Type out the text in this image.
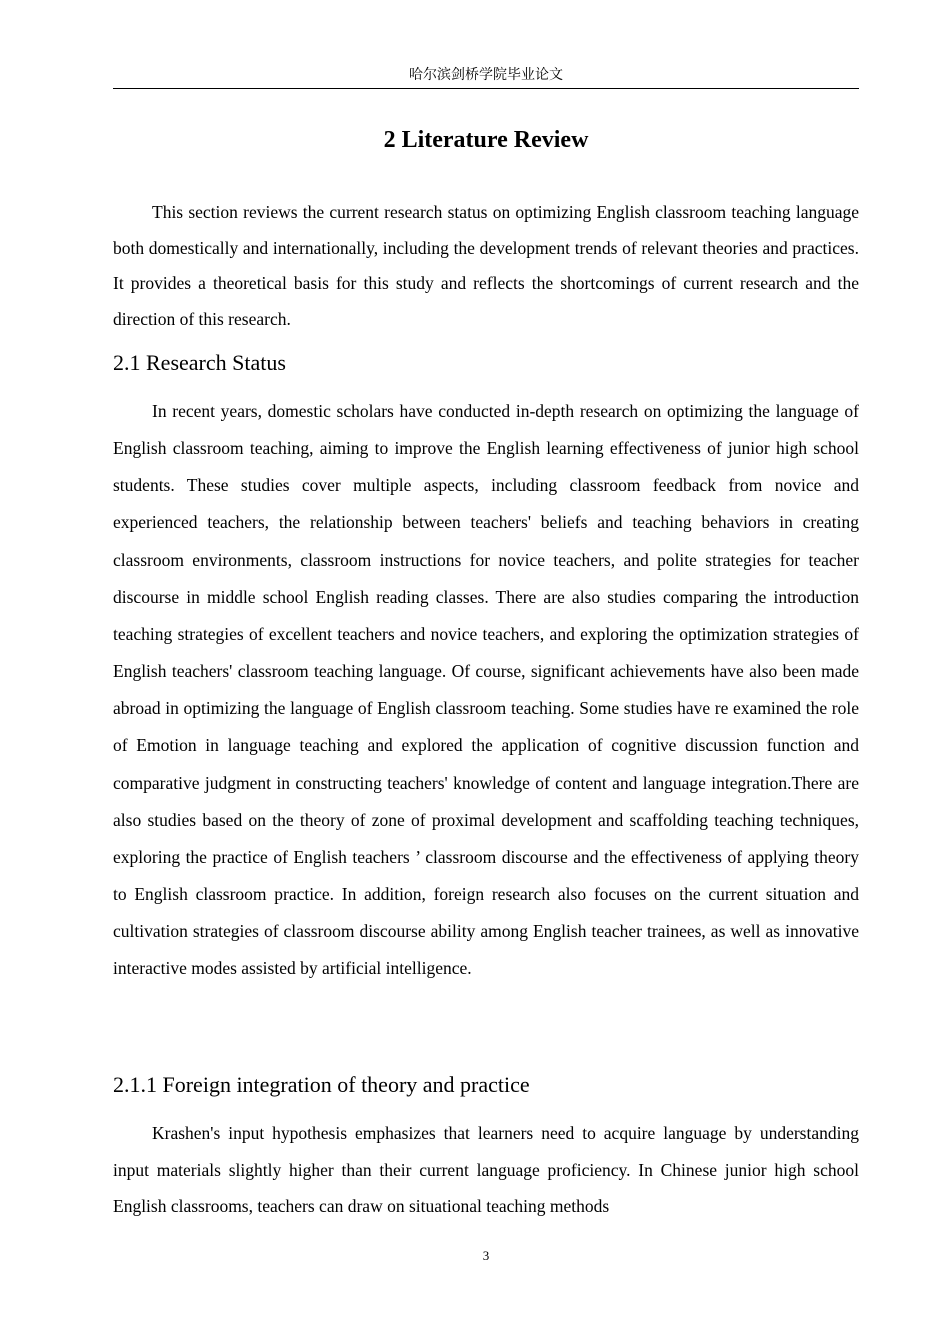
哈尔滨剑桥学院毕业论文
2 Literature Review

This section reviews the current research status on optimizing English classroom teaching language both domestically and internationally, including the development trends of relevant theories and practices. It provides a theoretical basis for this study and reflects the shortcomings of current research and the direction of this research.

2.1 Research Status

In recent years, domestic scholars have conducted in-depth research on optimizing the language of English classroom teaching, aiming to improve the English learning effectiveness of junior high school students. These studies cover multiple aspects, including classroom feedback from novice and experienced teachers, the relationship between teachers' beliefs and teaching behaviors in creating classroom environments, classroom instructions for novice teachers, and polite strategies for teacher discourse in middle school English reading classes. There are also studies comparing the introduction teaching strategies of excellent teachers and novice teachers, and exploring the optimization strategies of English teachers' classroom teaching language. Of course, significant achievements have also been made abroad in optimizing the language of English classroom teaching. Some studies have re examined the role of Emotion in language teaching and explored the application of cognitive discussion function and comparative judgment in constructing teachers' knowledge of content and language integration.There are also studies based on the theory of zone of proximal development and scaffolding teaching techniques, exploring the practice of English teachers ’ classroom discourse and the effectiveness of applying theory to English classroom practice. In addition, foreign research also focuses on the current situation and cultivation strategies of classroom discourse ability among English teacher trainees, as well as innovative interactive modes assisted by artificial intelligence.

2.1.1 Foreign integration of theory and practice

Krashen's input hypothesis emphasizes that learners need to acquire language by understanding input materials slightly higher than their current language proficiency. In Chinese junior high school English classrooms, teachers can draw on situational teaching methods

3
